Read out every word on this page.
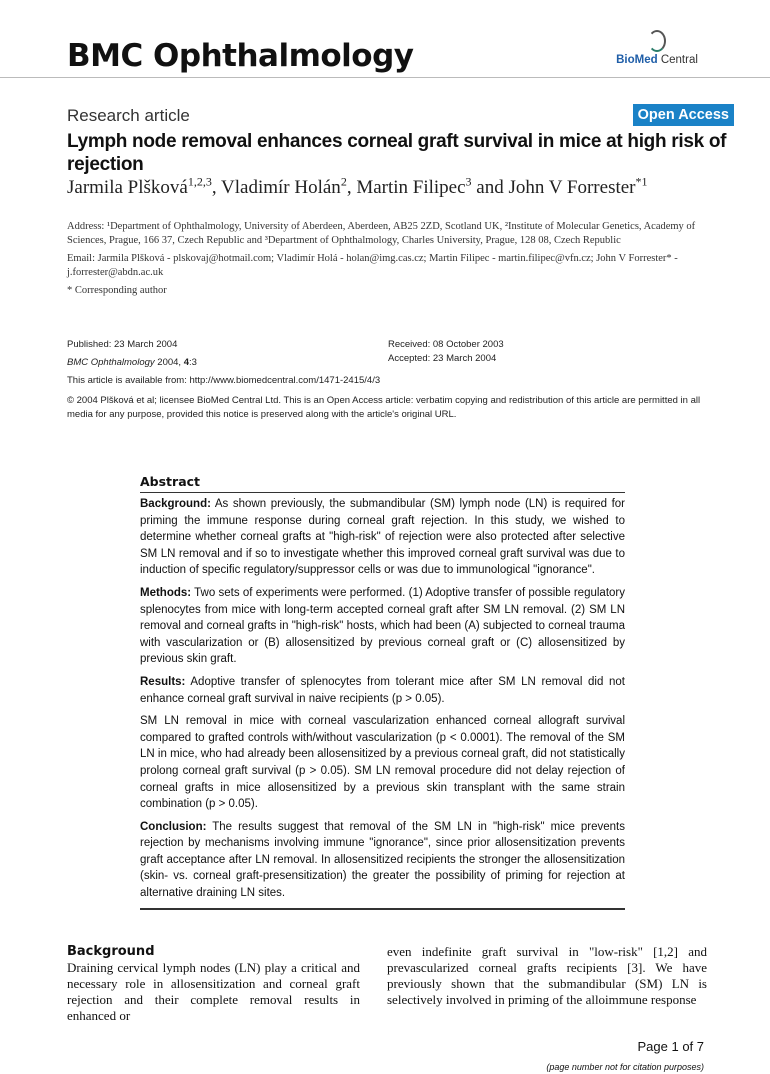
BMC Ophthalmology	BioMed Central
Research article	Open Access
Lymph node removal enhances corneal graft survival in mice at high risk of rejection
Jarmila Plšková$^{1,2,3}$, Vladimír Holán$^2$, Martin Filipec$^3$ and John V Forrester$^{*1}$
Address: ¹Department of Ophthalmology, University of Aberdeen, Aberdeen, AB25 2ZD, Scotland UK, ²Institute of Molecular Genetics, Academy of Sciences, Prague, 166 37, Czech Republic and ³Department of Ophthalmology, Charles University, Prague, 128 08, Czech Republic
Email: Jarmila Plšková - plskovaj@hotmail.com; Vladimír Holá - holan@img.cas.cz; Martin Filipec - martin.filipec@vfn.cz; John V Forrester* - j.forrester@abdn.ac.uk
* Corresponding author
Published: 23 March 2004
BMC Ophthalmology 2004, 4:3
Received: 08 October 2003
Accepted: 23 March 2004
This article is available from: http://www.biomedcentral.com/1471-2415/4/3
© 2004 Plšková et al; licensee BioMed Central Ltd. This is an Open Access article: verbatim copying and redistribution of this article are permitted in all media for any purpose, provided this notice is preserved along with the article's original URL.
Abstract

Background: As shown previously, the submandibular (SM) lymph node (LN) is required for priming the immune response during corneal graft rejection. In this study, we wished to determine whether corneal grafts at "high-risk" of rejection were also protected after selective SM LN removal and if so to investigate whether this improved corneal graft survival was due to induction of specific regulatory/suppressor cells or was due to immunological "ignorance".

Methods: Two sets of experiments were performed. (1) Adoptive transfer of possible regulatory splenocytes from mice with long-term accepted corneal graft after SM LN removal. (2) SM LN removal and corneal grafts in "high-risk" hosts, which had been (A) subjected to corneal trauma with vascularization or (B) allosensitized by previous corneal graft or (C) allosensitized by previous skin graft.

Results: Adoptive transfer of splenocytes from tolerant mice after SM LN removal did not enhance corneal graft survival in naive recipients (p > 0.05).

SM LN removal in mice with corneal vascularization enhanced corneal allograft survival compared to grafted controls with/without vascularization (p < 0.0001). The removal of the SM LN in mice, who had already been allosensitized by a previous corneal graft, did not statistically prolong corneal graft survival (p > 0.05). SM LN removal procedure did not delay rejection of corneal grafts in mice allosensitized by a previous skin transplant with the same strain combination (p > 0.05).

Conclusion: The results suggest that removal of the SM LN in "high-risk" mice prevents rejection by mechanisms involving immune "ignorance", since prior allosensitization prevents graft acceptance after LN removal. In allosensitized recipients the stronger the allosensitization (skin- vs. corneal graft-presensitization) the greater the possibility of priming for rejection at alternative draining LN sites.

Background
Draining cervical lymph nodes (LN) play a critical and necessary role in allosensitization and corneal graft rejection and their complete removal results in enhanced or
even indefinite graft survival in "low-risk" [1,2] and prevascularized corneal grafts recipients [3]. We have previously shown that the submandibular (SM) LN is selectively involved in priming of the alloimmune response
Page 1 of 7
(page number not for citation purposes)
